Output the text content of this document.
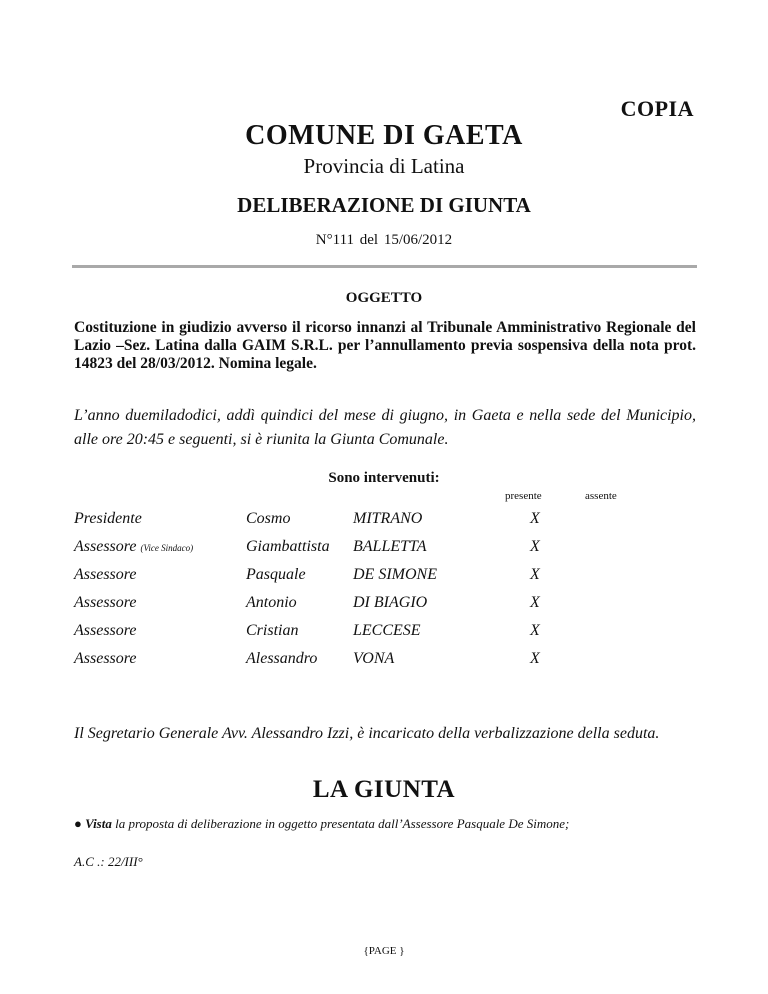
COPIA
COMUNE DI GAETA
Provincia di Latina
DELIBERAZIONE DI GIUNTA
N°111 del 15/06/2012
OGGETTO
Costituzione in giudizio avverso il ricorso innanzi al Tribunale Amministrativo Regionale del Lazio –Sez. Latina dalla GAIM S.R.L. per l’annullamento previa sospensiva della nota prot. 14823 del 28/03/2012. Nomina legale.
L’anno duemiladodici, addì quindici del mese di giugno, in Gaeta e nella sede del Municipio, alle ore 20:45 e seguenti, si è riunita la Giunta Comunale.
Sono intervenuti:
presente	assente
Presidente	Cosmo	MITRANO	X
Assessore (Vice Sindaco)	Giambattista BALLETTA	X
Assessore	Pasquale	DE SIMONE	X
Assessore	Antonio	DI BIAGIO	X
Assessore	Cristian	LECCESE	X
Assessore	Alessandro VONA	X
Il Segretario Generale Avv. Alessandro Izzi, è incaricato della verbalizzazione della seduta.
LA GIUNTA
● Vista la proposta di deliberazione in oggetto presentata dall’Assessore Pasquale De Simone;
A.C .: 22/III°
{PAGE }
